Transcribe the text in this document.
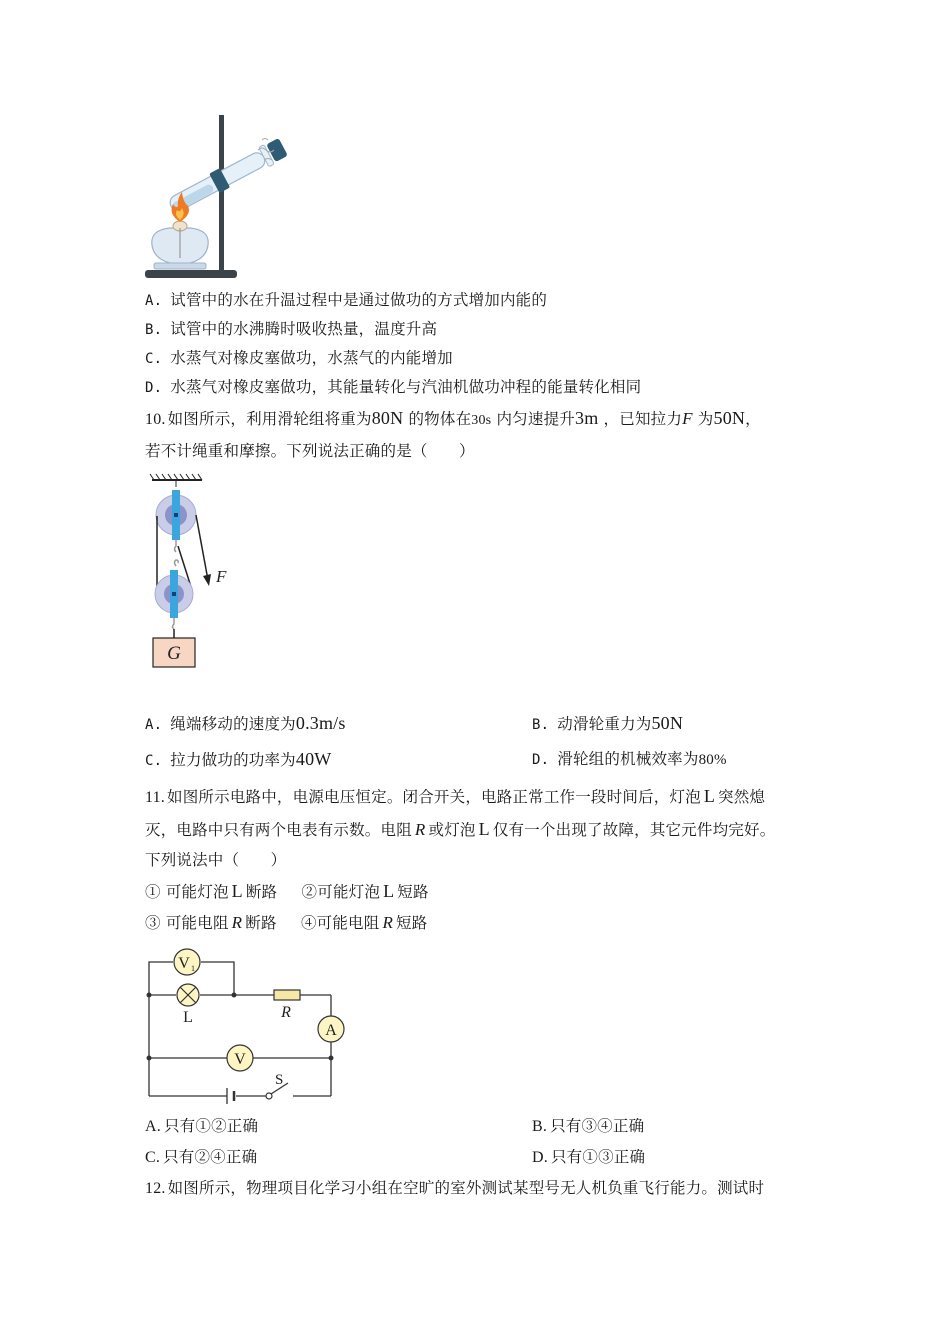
A. 试管中的水在升温过程中是通过做功的方式增加内能的
B. 试管中的水沸腾时吸收热量，温度升高
C. 水蒸气对橡皮塞做功，水蒸气的内能增加
D. 水蒸气对橡皮塞做功，其能量转化与汽油机做功冲程的能量转化相同
10. 如图所示，利用滑轮组将重为80N 的物体在30s 内匀速提升3m ，已知拉力F 为50N，
若不计绳重和摩擦。下列说法正确的是（　　）
F
G
A. 绳端移动的速度为0.3m/s	B. 动滑轮重力为50N
C. 拉力做功的功率为40W	D. 滑轮组的机械效率为80%
11. 如图所示电路中，电源电压恒定。闭合开关，电路正常工作一段时间后，灯泡 L 突然熄
灭，电路中只有两个电表有示数。电阻 R 或灯泡 L 仅有一个出现了故障，其它元件均完好。
下列说法中（　　）
① 可能灯泡 L 断路 ②可能灯泡 L 短路
③ 可能电阻 R 断路 ④可能电阻 R 短路
S
V 1
L	R
A
V
A. 只有①②正确	B. 只有③④正确
C. 只有②④正确	D. 只有①③正确
12. 如图所示，物理项目化学习小组在空旷的室外测试某型号无人机负重飞行能力。测试时
